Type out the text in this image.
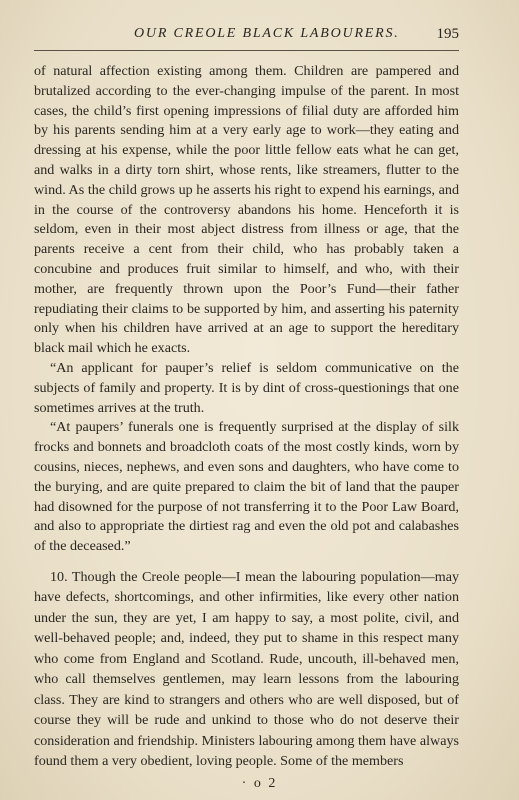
OUR CREOLE BLACK LABOURERS. 195

of natural affection existing among them. Children are pampered and brutalized according to the ever-changing impulse of the parent. In most cases, the child’s first opening impressions of filial duty are afforded him by his parents sending him at a very early age to work—they eating and dressing at his expense, while the poor little fellow eats what he can get, and walks in a dirty torn shirt, whose rents, like streamers, flutter to the wind. As the child grows up he asserts his right to expend his earnings, and in the course of the controversy abandons his home. Henceforth it is seldom, even in their most abject distress from illness or age, that the parents receive a cent from their child, who has probably taken a concubine and produces fruit similar to himself, and who, with their mother, are frequently thrown upon the Poor’s Fund—their father repudiating their claims to be supported by him, and asserting his paternity only when his children have arrived at an age to support the hereditary black mail which he exacts.

“An applicant for pauper’s relief is seldom communicative on the subjects of family and property. It is by dint of cross-questionings that one sometimes arrives at the truth.

“At paupers’ funerals one is frequently surprised at the display of silk frocks and bonnets and broadcloth coats of the most costly kinds, worn by cousins, nieces, nephews, and even sons and daughters, who have come to the burying, and are quite prepared to claim the bit of land that the pauper had disowned for the purpose of not transferring it to the Poor Law Board, and also to appropriate the dirtiest rag and even the old pot and calabashes of the deceased.”

10. Though the Creole people—I mean the labouring population—may have defects, shortcomings, and other infirmities, like every other nation under the sun, they are yet, I am happy to say, a most polite, civil, and well-behaved people; and, indeed, they put to shame in this respect many who come from England and Scotland. Rude, uncouth, ill-behaved men, who call themselves gentlemen, may learn lessons from the labouring class. They are kind to strangers and others who are well disposed, but of course they will be rude and unkind to those who do not deserve their consideration and friendship. Ministers labouring among them have always found them a very obedient, loving people. Some of the members

· o 2
